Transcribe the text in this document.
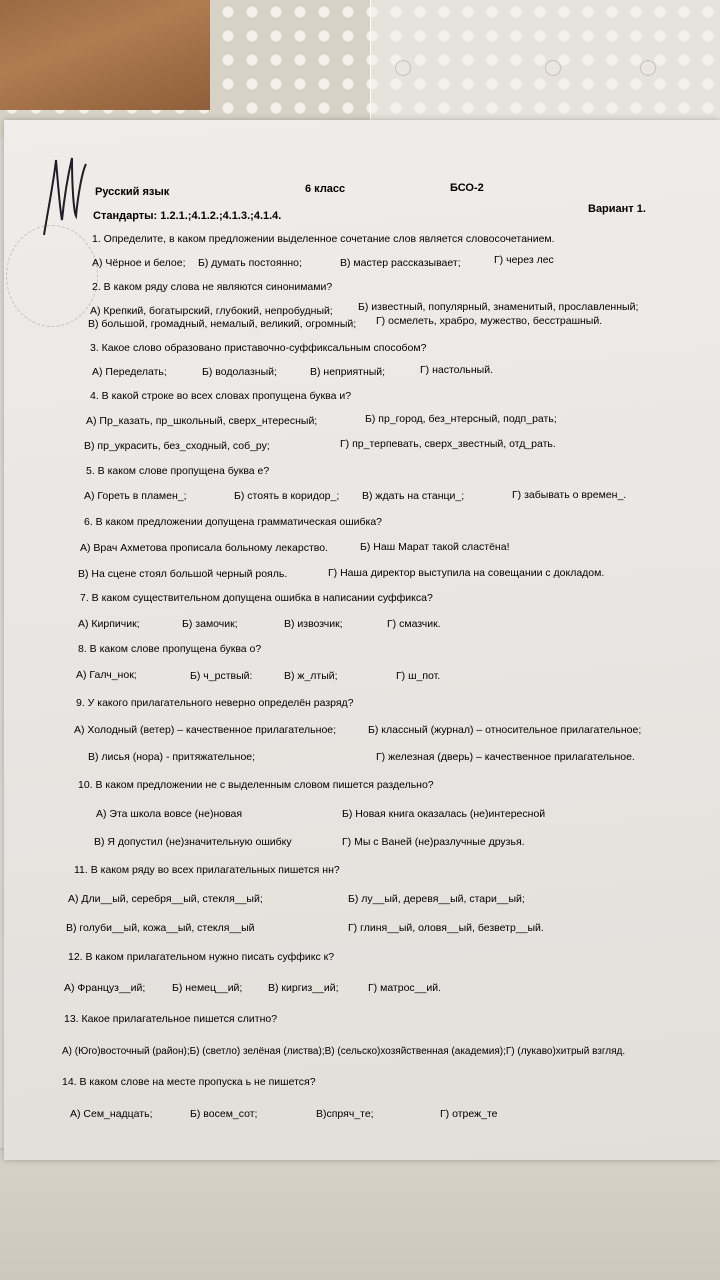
Русский язык	6 класс	БСО-2
Стандарты: 1.2.1.;4.1.2.;4.1.3.;4.1.4.
Вариант 1.
1. Определите, в каком предложении выделенное сочетание слов является словосочетанием.
А) Чёрное и белое; Б) думать постоянно;	В) мастер рассказывает;	Г) через лес
2. В каком ряду слова не являются синонимами?
А) Крепкий, богатырский, глубокий, непробудный; Б) известный, популярный, знаменитый, прославленный;
В) большой, громадный, немалый, великий, огромный; Г) осмелеть, храбро, мужество, бесстрашный.
3. Какое слово образовано приставочно-суффиксальным способом?
А) Переделать;	Б) водолазный;	В) неприятный;	Г) настольный.
4. В какой строке во всех словах пропущена буква и?
А) Пр_казать, пр_школьный, сверх_нтересный;	Б) пр_город, без_нтерсный, подп_рать;
В) пр_украсить, без_сходный, соб_ру;	Г) пр_терпевать, сверх_звестный, отд_рать.
5. В каком слове пропущена буква е?
А) Гореть в пламен_;	Б) стоять в коридор_; В) ждать на станци_;	Г) забывать о времен_.
6. В каком предложении допущена грамматическая ошибка?
А) Врач Ахметова прописала больному лекарство.	Б) Наш Марат такой сластёна!
В) На сцене стоял большой черный рояль.	Г) Наша директор выступила на совещании с докладом.
7. В каком существительном допущена ошибка в написании суффикса?
А) Кирпичик;	Б) замочик;	В) извозчик;	Г) смазчик.
8. В каком слове пропущена буква о?
А) Галч_нок;	Б) ч_рствый:	В) ж_лтый;	Г) ш_пот.
9. У какого прилагательного неверно определён разряд?
А) Холодный (ветер) – качественное прилагательное;	Б) классный (журнал) – относительное прилагательное;
В) лисья (нора) - притяжательное;	Г) железная (дверь) – качественное прилагательное.
10. В каком предложении не с выделенным словом пишется раздельно?
А) Эта школа вовсе (не)новая	Б) Новая книга оказалась (не)интересной
В) Я допустил (не)значительную ошибку	Г) Мы с Ваней (не)разлучные друзья.
11. В каком ряду во всех прилагательных пишется нн?
А) Дли__ый, серебря__ый, стекля__ый;	Б) лу__ый, деревя__ый, стари__ый;
В) голуби__ый, кожа__ый, стекля__ый	Г) глиня__ый, оловя__ый, безветр__ый.
12. В каком прилагательном нужно писать суффикс к?
А) Француз__ий;	Б) немец__ий; В) киргиз__ий;	Г) матрос__ий.
13. Какое прилагательное пишется слитно?
А) (Юго)восточный (район);Б) (светло) зелёная (листва);В) (сельско)хозяйственная (академия);Г) (лукаво)хитрый взгляд.
14. В каком слове на месте пропуска ь не пишется?
А) Сем_надцать;	Б) восем_сот;	В)спряч_те;	Г) отреж_те
